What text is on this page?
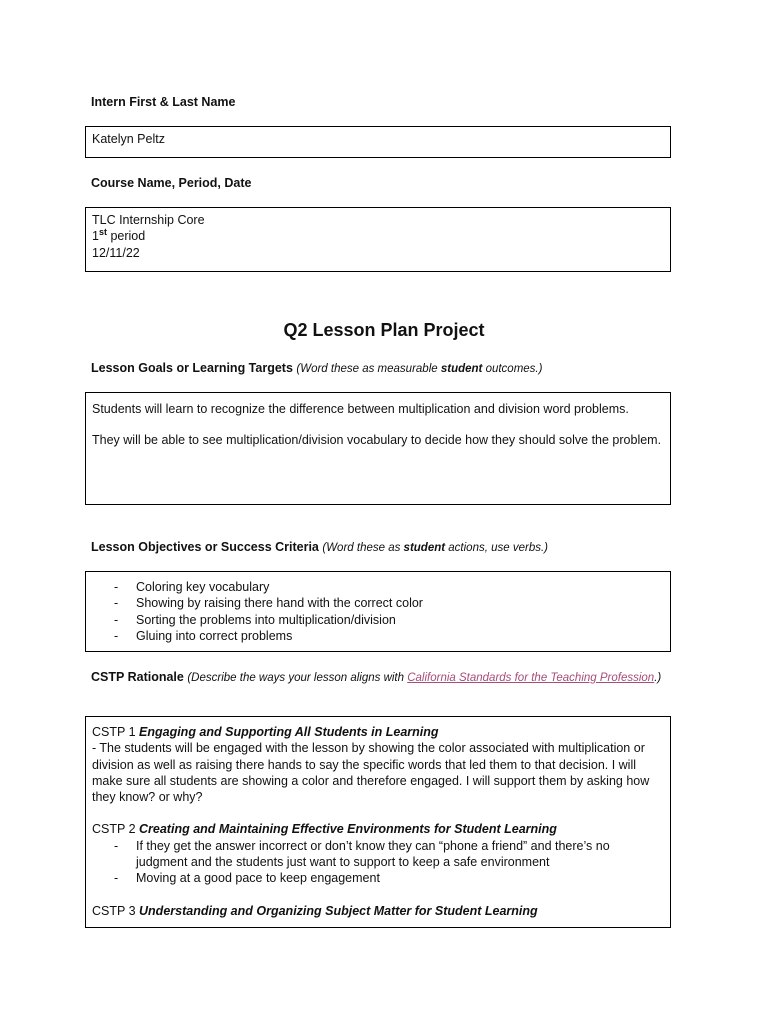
Intern First & Last Name
Katelyn Peltz
Course Name, Period, Date
TLC Internship Core
1st period
12/11/22
Q2 Lesson Plan Project
Lesson Goals or Learning Targets (Word these as measurable student outcomes.)

Students will learn to recognize the difference between multiplication and division word problems.

They will be able to see multiplication/division vocabulary to decide how they should solve the problem.

Lesson Objectives or Success Criteria (Word these as student actions, use verbs.)
- Coloring key vocabulary
- Showing by raising there hand with the correct color
- Sorting the problems into multiplication/division
- Gluing into correct problems
CSTP Rationale (Describe the ways your lesson aligns with California Standards for the Teaching Profession.)
CSTP 1 Engaging and Supporting All Students in Learning
- The students will be engaged with the lesson by showing the color associated with multiplication or division as well as raising there hands to say the specific words that led them to that decision. I will make sure all students are showing a color and therefore engaged. I will support them by asking how they know? or why?
CSTP 2 Creating and Maintaining Effective Environments for Student Learning
- If they get the answer incorrect or don’t know they can “phone a friend” and there’s no judgment and the students just want to support to keep a safe environment
- Moving at a good pace to keep engagement
CSTP 3 Understanding and Organizing Subject Matter for Student Learning
